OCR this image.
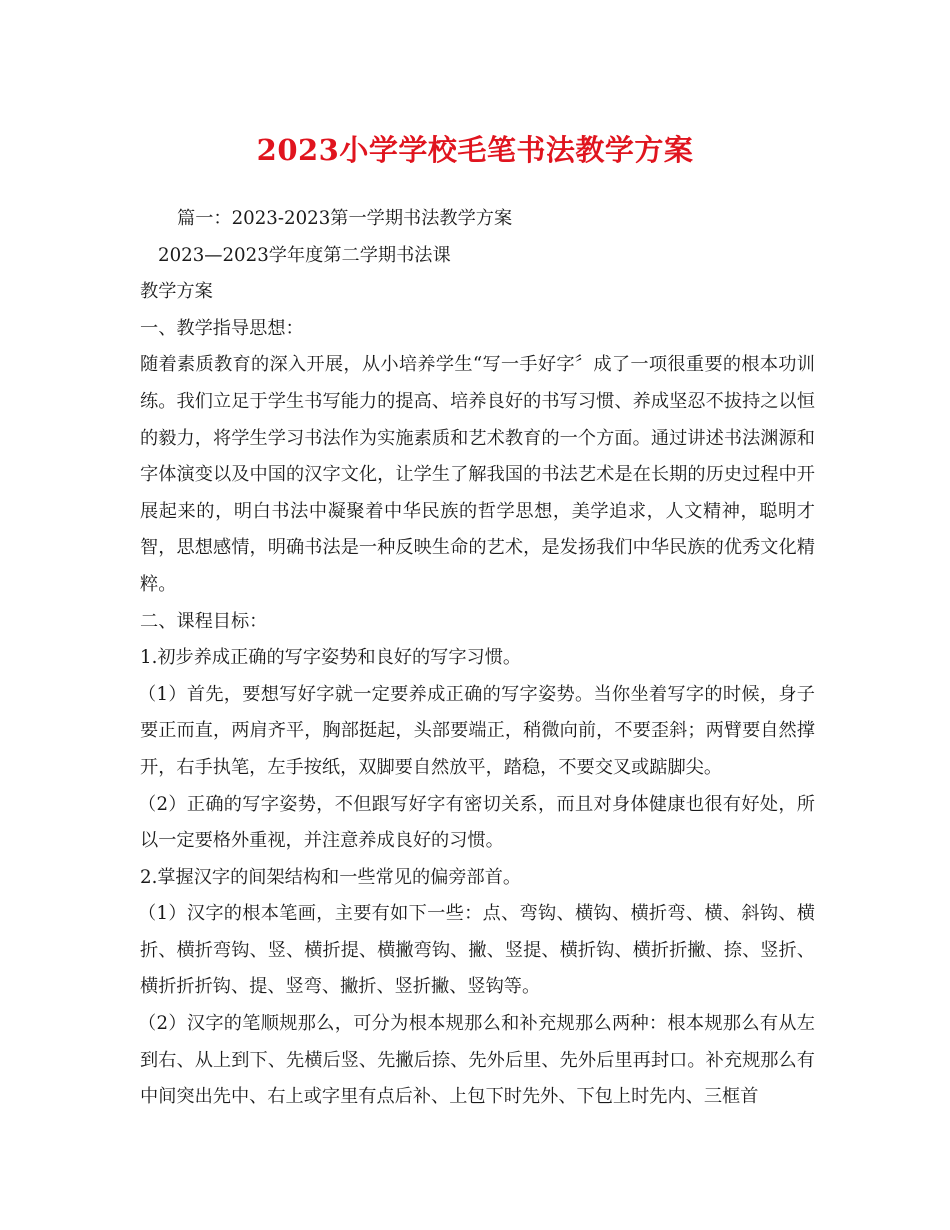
2023小学学校毛笔书法教学方案

篇一：2023-2023第一学期书法教学方案

2023—2023学年度第二学期书法课

教学方案

一、教学指导思想：

随着素质教育的深入开展，从小培养学生“写一手好字〞成了一项很重要的根本功训练。我们立足于学生书写能力的提高、培养良好的书写习惯、养成坚忍不拔持之以恒的毅力，将学生学习书法作为实施素质和艺术教育的一个方面。通过讲述书法渊源和字体演变以及中国的汉字文化，让学生了解我国的书法艺术是在长期的历史过程中开展起来的，明白书法中凝聚着中华民族的哲学思想，美学追求，人文精神，聪明才智，思想感情，明确书法是一种反映生命的艺术，是发扬我们中华民族的优秀文化精粹。

二、课程目标：

1.初步养成正确的写字姿势和良好的写字习惯。

（1）首先，要想写好字就一定要养成正确的写字姿势。当你坐着写字的时候，身子要正而直，两肩齐平，胸部挺起，头部要端正，稍微向前，不要歪斜；两臂要自然撑开，右手执笔，左手按纸，双脚要自然放平，踏稳，不要交叉或踮脚尖。

（2）正确的写字姿势，不但跟写好字有密切关系，而且对身体健康也很有好处，所以一定要格外重视，并注意养成良好的习惯。

2.掌握汉字的间架结构和一些常见的偏旁部首。

（1）汉字的根本笔画，主要有如下一些：点、弯钩、横钩、横折弯、横、斜钩、横折、横折弯钩、竖、横折提、横撇弯钩、撇、竖提、横折钩、横折折撇、捺、竖折、横折折折钩、提、竖弯、撇折、竖折撇、竖钩等。

（2）汉字的笔顺规那么，可分为根本规那么和补充规那么两种：根本规那么有从左到右、从上到下、先横后竖、先撇后捺、先外后里、先外后里再封口。补充规那么有中间突出先中、右上或字里有点后补、上包下时先外、下包上时先内、三框首
